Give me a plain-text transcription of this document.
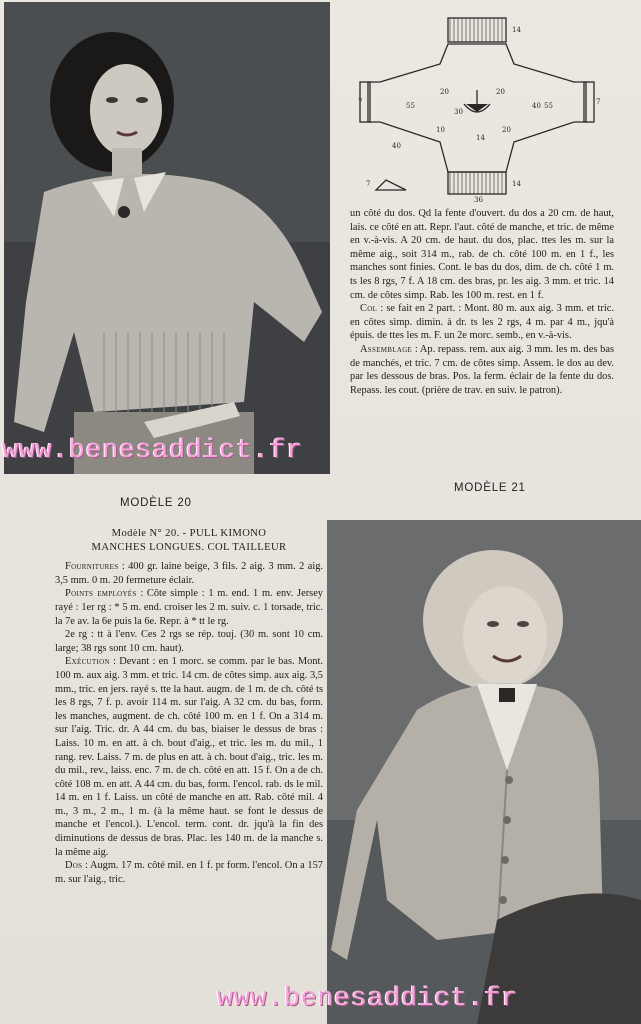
7	55
20
30
40
10
20
20
40 55	7
14
36
14
7
14

un côté du dos. Qd la fente d'ouvert. du dos a 20 cm. de haut, lais. ce côté en att. Repr. l'aut. côté de manche, et tric. de même en v.-à-vis. A 20 cm. de haut. du dos, plac. ttes les m. sur la même aig., soit 314 m., rab. de ch. côté 100 m. en 1 f., les manches sont finies. Cont. le bas du dos, dim. de ch. côté 1 m. ts les 8 rgs, 7 f. A 18 cm. des bras, pr. les aig. 3 mm. et tric. 14 cm. de côtes simp. Rab. les 100 m. rest. en 1 f.

Col : se fait en 2 part. : Mont. 80 m. aux aig. 3 mm. et tric. en côtes simp. dimin. à dr. ts les 2 rgs, 4 m. par 4 m., jqu'à épuis. de ttes les m. F. un 2e morc. semb., en v.-à-vis.

Assemblage : Ap. repass. rem. aux aig. 3 mm. les m. des bas de manchés, et tric. 7 cm. de côtes simp. Assem. le dos au dev. par les dessous de bras. Pos. la ferm. éclair de la fente du dos. Repass. les cout. (prière de trav. en suiv. le patron).

MODÈLE 21
MODÈLE 20

Modèle N° 20. - PULL KIMONO

MANCHES LONGUES. COL TAILLEUR

Fournitures : 400 gr. laine beige, 3 fils. 2 aig. 3 mm. 2 aig. 3,5 mm. 0 m. 20 fermeture éclair.

Points employés : Côte simple : 1 m. end. 1 m. env. Jersey rayé : 1er rg : * 5 m. end. croiser les 2 m. suiv. c. 1 torsade, tric. la 7e av. la 6e puis la 6e. Repr. à * tt le rg.

2e rg : tt à l'env. Ces 2 rgs se rép. touj. (30 m. sont 10 cm. large; 38 rgs sont 10 cm. haut).

Exécution : Devant : en 1 morc. se comm. par le bas. Mont. 100 m. aux aig. 3 mm. et tric. 14 cm. de côtes simp. aux aig. 3,5 mm., tric. en jers. rayé s. tte la haut. augm. de 1 m. de ch. côté ts les 8 rgs, 7 f. p. avoir 114 m. sur l'aig. A 32 cm. du bas, form. les manches, augment. de ch. côté 100 m. en 1 f. On a 314 m. sur l'aig. Tric. dr. A 44 cm. du bas, biaiser le dessus de bras : Laiss. 10 m. en att. à ch. bout d'aig., et tric. les m. du mil., 1 rang. rev. Laiss. 7 m. de plus en att. à ch. bout d'aig., tric. les m. du mil., rev., laiss. enc. 7 m. de ch. côté en att. 15 f. On a de ch. côté 108 m. en att. A 44 cm. du bas, form. l'encol. rab. ds le mil. 14 m. en 1 f. Laiss. un côté de manche en att. Rab. côté mil. 4 m., 3 m., 2 m., 1 m. (à la même haut. se font le dessus de manche et l'encol.). L'encol. term. cont. dr. jqu'à la fin des diminutions de dessus de bras. Plac. les 140 m. de la manche s. la même aig.

Dos : Augm. 17 m. côté mil. en 1 f. pr form. l'encol. On a 157 m. sur l'aig., tric.

www.benesaddict.fr
www.benesaddict.fr
